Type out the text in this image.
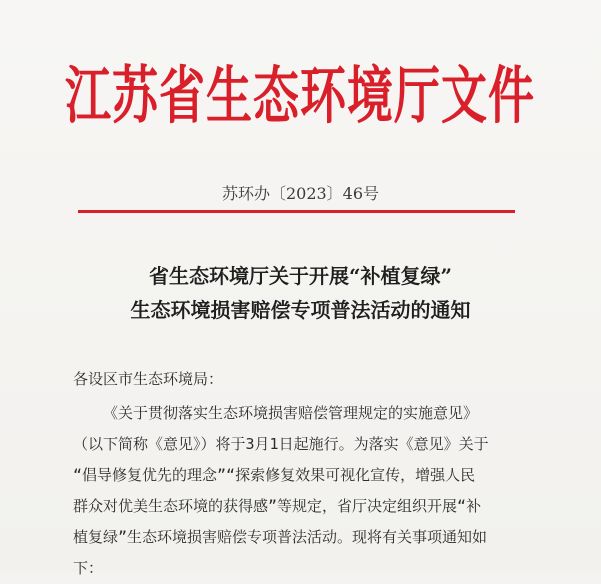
江苏省生态环境厅文件
苏环办〔2023〕46号
省生态环境厅关于开展“补植复绿”
生态环境损害赔偿专项普法活动的通知
各设区市生态环境局：
《关于贯彻落实生态环境损害赔偿管理规定的实施意见》
（以下简称《意见》）将于3月1日起施行。为落实《意见》关于
“倡导修复优先的理念”“探索修复效果可视化宣传，增强人民
群众对优美生态环境的获得感”等规定，省厅决定组织开展“补
植复绿”生态环境损害赔偿专项普法活动。现将有关事项通知如
下：
